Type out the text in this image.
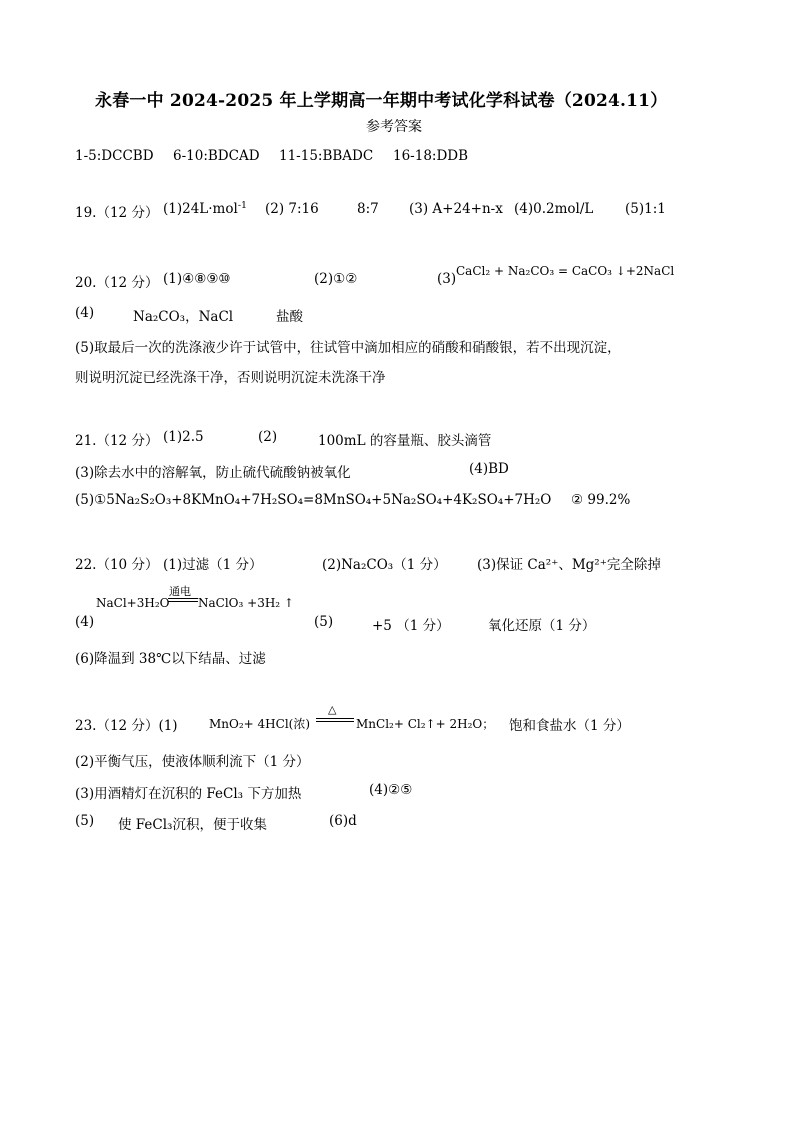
永春一中 2024-2025 年上学期高一年期中考试化学科试卷（2024.11）
参考答案
1-5:DCCBD 6-10:BDCAD 11-15:BBADC 16-18:DDB
19.（12 分） (1)24L·mol$^{-1}$ (2) 7:16	8:7 (3) A+24+n-x (4)0.2mol/L (5)1:1
20.（12 分） (1)④⑧⑨⑩	(2)①②	(3) CaCl₂ + Na₂CO₃ = CaCO₃ ↓+2NaCl
(4)	Na₂CO₃，NaCl	盐酸
(5)取最后一次的洗涤液少许于试管中，往试管中滴加相应的硝酸和硝酸银，若不出现沉淀，
则说明沉淀已经洗涤干净，否则说明沉淀未洗涤干净
21.（12 分） (1)2.5	(2)	100mL 的容量瓶、胶头滴管
(3)除去水中的溶解氧，防止硫代硫酸钠被氧化	(4)BD
(5)①5Na₂S₂O₃+8KMnO₄+7H₂SO₄=8MnSO₄+5Na₂SO₄+4K₂SO₄+7H₂O ② 99.2%
22.（10 分） (1)过滤（1 分）	(2)Na₂CO₃（1 分） (3)保证 Ca²⁺、Mg²⁺完全除掉
NaCl+3H₂O
通电
NaClO₃ +3H₂ ↑
(4)	(5)	+5 （1 分）	氧化还原（1 分）
(6)降温到 38℃以下结晶、过滤
23.（12 分）(1)	MnO₂+ 4HCl(浓)
△
MnCl₂+ Cl₂↑+ 2H₂O； 饱和食盐水（1 分）
(2)平衡气压，使液体顺利流下（1 分）
(3)用酒精灯在沉积的 FeCl₃ 下方加热	(4)②⑤
(5) 使 FeCl₃沉积，便于收集	(6)d
